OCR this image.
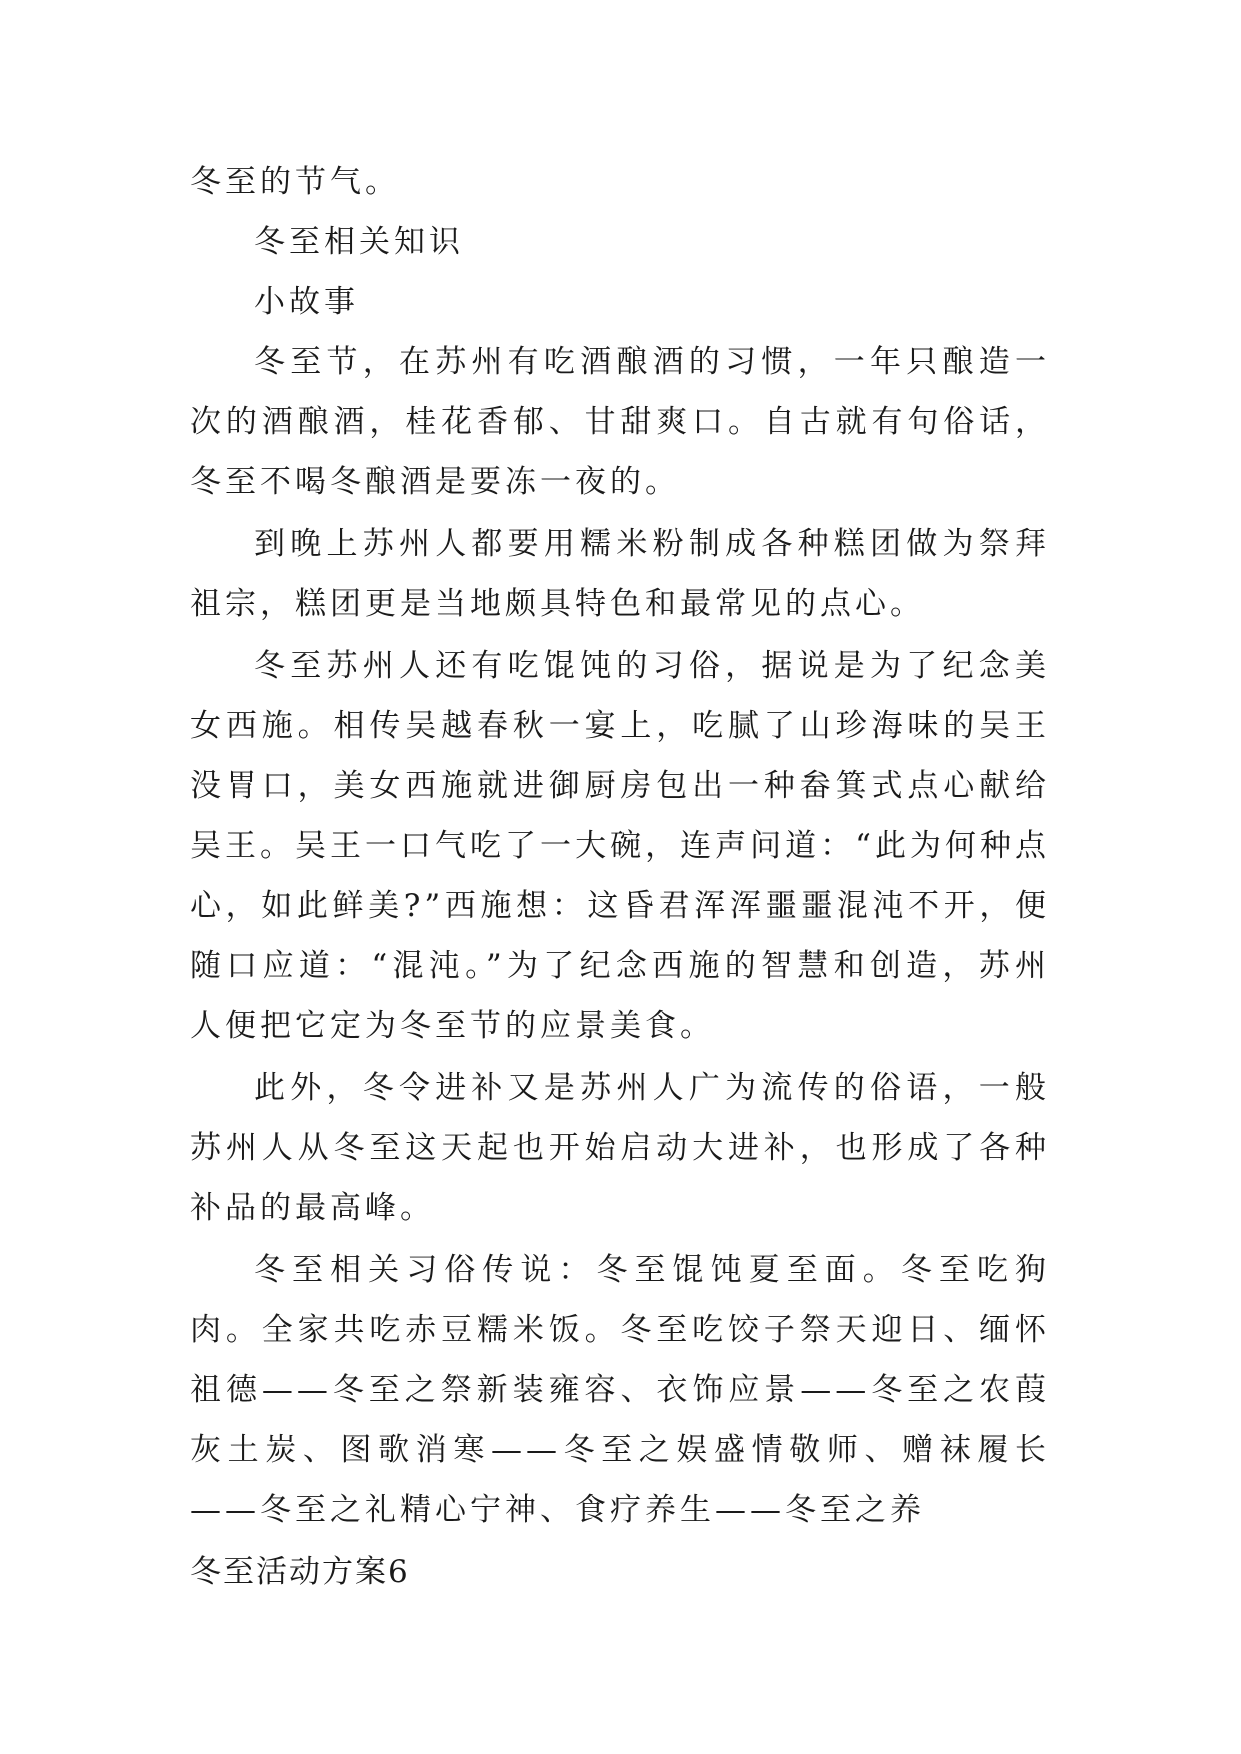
冬至的节气。

冬至相关知识

小故事

冬至节，在苏州有吃酒酿酒的习惯，一年只酿造一次的酒酿酒，桂花香郁、甘甜爽口。自古就有句俗话，冬至不喝冬酿酒是要冻一夜的。

到晚上苏州人都要用糯米粉制成各种糕团做为祭拜祖宗，糕团更是当地颇具特色和最常见的点心。

冬至苏州人还有吃馄饨的习俗，据说是为了纪念美女西施。相传吴越春秋一宴上，吃腻了山珍海味的吴王没胃口，美女西施就进御厨房包出一种畚箕式点心献给吴王。吴王一口气吃了一大碗，连声问道：“此为何种点心，如此鲜美?”西施想：这昏君浑浑噩噩混沌不开，便随口应道：“混沌。”为了纪念西施的智慧和创造，苏州人便把它定为冬至节的应景美食。

此外，冬令进补又是苏州人广为流传的俗语，一般苏州人从冬至这天起也开始启动大进补，也形成了各种补品的最高峰。

冬至相关习俗传说：冬至馄饨夏至面。冬至吃狗肉。全家共吃赤豆糯米饭。冬至吃饺子祭天迎日、缅怀祖德——冬至之祭新装雍容、衣饰应景——冬至之农葭灰土炭、图歌消寒——冬至之娱盛情敬师、赠袜履长——冬至之礼精心宁神、食疗养生——冬至之养

冬至活动方案6
